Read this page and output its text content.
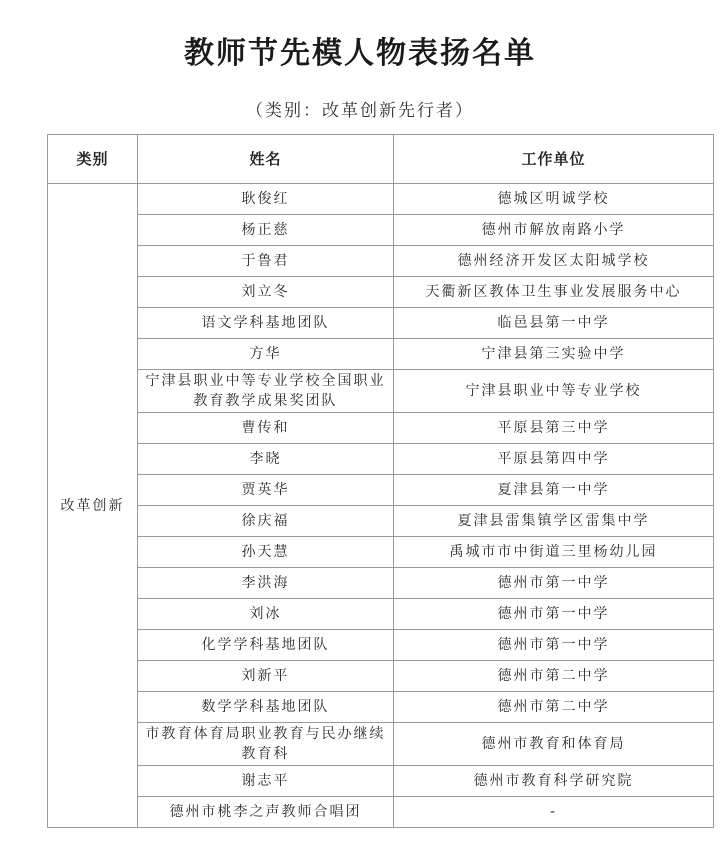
教师节先模人物表扬名单
（类别：改革创新先行者）
类别	姓名	工作单位
改革创新	耿俊红	德城区明诚学校
	杨正慈	德州市解放南路小学
	于鲁君	德州经济开发区太阳城学校
	刘立冬	天衢新区教体卫生事业发展服务中心
	语文学科基地团队	临邑县第一中学
	方华	宁津县第三实验中学
	宁津县职业中等专业学校全国职业教育教学成果奖团队	宁津县职业中等专业学校
	曹传和	平原县第三中学
	李晓	平原县第四中学
	贾英华	夏津县第一中学
	徐庆福	夏津县雷集镇学区雷集中学
	孙天慧	禹城市市中街道三里杨幼儿园
	李洪海	德州市第一中学
	刘冰	德州市第一中学
	化学学科基地团队	德州市第一中学
	刘新平	德州市第二中学
	数学学科基地团队	德州市第二中学
	市教育体育局职业教育与民办继续教育科	德州市教育和体育局
	谢志平	德州市教育科学研究院
	德州市桃李之声教师合唱团	-
